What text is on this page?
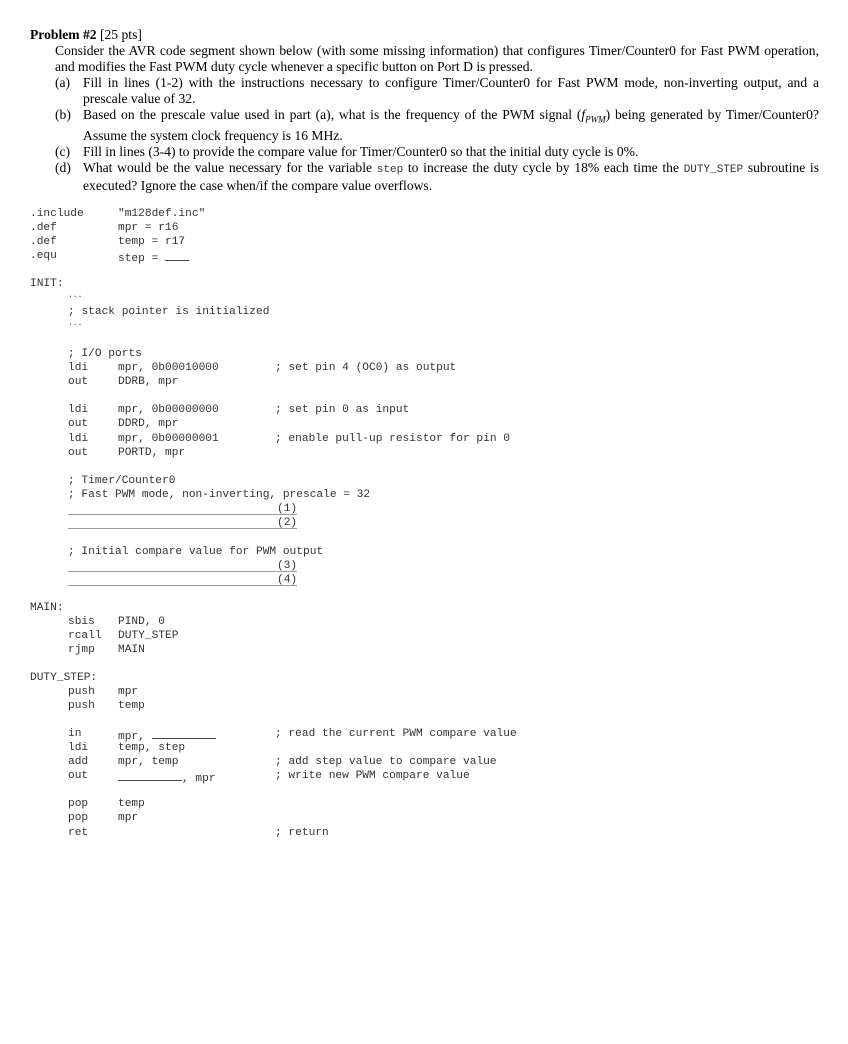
Problem #2 [25 pts]
Consider the AVR code segment shown below (with some missing information) that configures Timer/Counter0 for Fast PWM operation, and modifies the Fast PWM duty cycle whenever a specific button on Port D is pressed.
(a) Fill in lines (1-2) with the instructions necessary to configure Timer/Counter0 for Fast PWM mode, non-inverting output, and a prescale value of 32.
(b) Based on the prescale value used in part (a), what is the frequency of the PWM signal $(f_{PWM})$ being generated by Timer/Counter0? Assume the system clock frequency is 16 MHz.
(c) Fill in lines (3-4) to provide the compare value for Timer/Counter0 so that the initial duty cycle is 0%.
(d) What would be the value necessary for the variable step to increase the duty cycle by 18% each time the DUTY_STEP subroutine is executed? Ignore the case when/if the compare value overflows.

.include

	"m128def.inc"

.def

	mpr = r16

.def

	temp = r17

.equ

	step =

INIT:

...

; stack pointer is initialized

...

; I/O ports

ldi

	mpr, 0b00010000

	; set pin 4 (OC0) as output

out

	DDRB, mpr

ldi

	mpr, 0b00000000

	; set pin 0 as input

out

	DDRD, mpr

ldi

	mpr, 0b00000001

	; enable pull-up resistor for pin 0

out

	PORTD, mpr

; Timer/Counter0

; Fast PWM mode, non-inverting, prescale = 32

(1)

(2)

; Initial compare value for PWM output

(3)

(4)

MAIN:

sbis

PIND, 0

rcall

DUTY_STEP

rjmp

MAIN

DUTY_STEP:

push

mpr

push

temp

in

	mpr,

	; read the current PWM compare value

ldi

	temp, step

add

	mpr, temp

	; add step value to compare value

out

	, mpr

	; write new PWM compare value

pop

	temp

pop

	mpr

ret

	; return
